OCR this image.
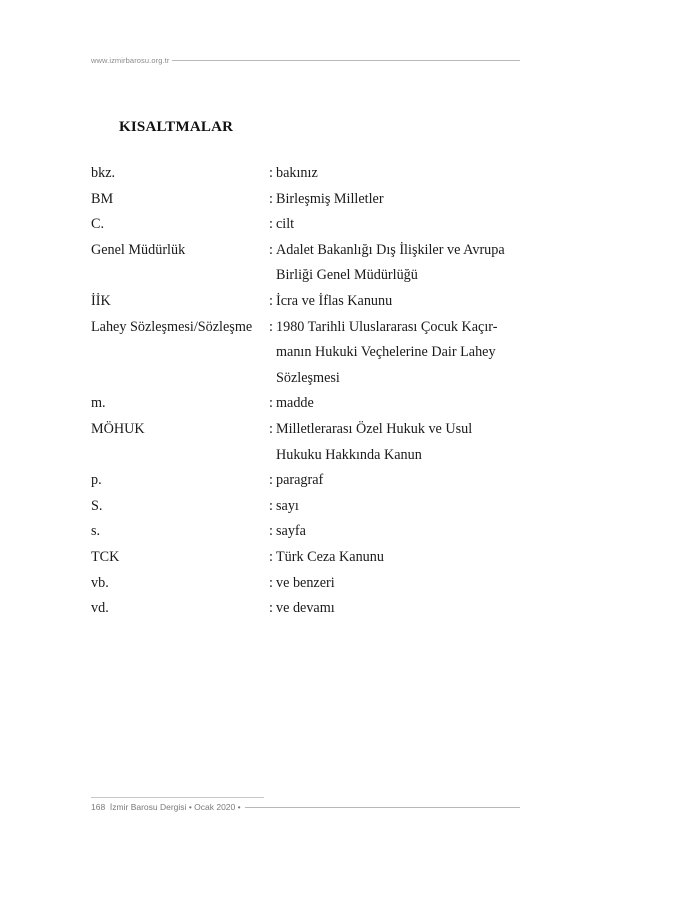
www.izmirbarosu.org.tr
KISALTMALAR
bkz.	: bakınız
BM	: Birleşmiş Milletler
C.	: cilt
Genel Müdürlük	: Adalet Bakanlığı Dış İlişkiler ve Avrupa
Birliği Genel Müdürlüğü
İİK	: İcra ve İflas Kanunu
Lahey Sözleşmesi/Sözleşme	: 1980 Tarihli Uluslararası Çocuk Kaçır-
manın Hukuki Veçhelerine Dair Lahey
Sözleşmesi
m.	: madde
MÖHUK	: Milletlerarası Özel Hukuk ve Usul
Hukuku Hakkında Kanun
p.	: paragraf
S.	: sayı
s.	: sayfa
TCK	: Türk Ceza Kanunu
vb.	: ve benzeri
vd.	: ve devamı
168 İzmir Barosu Dergisi • Ocak 2020 •
